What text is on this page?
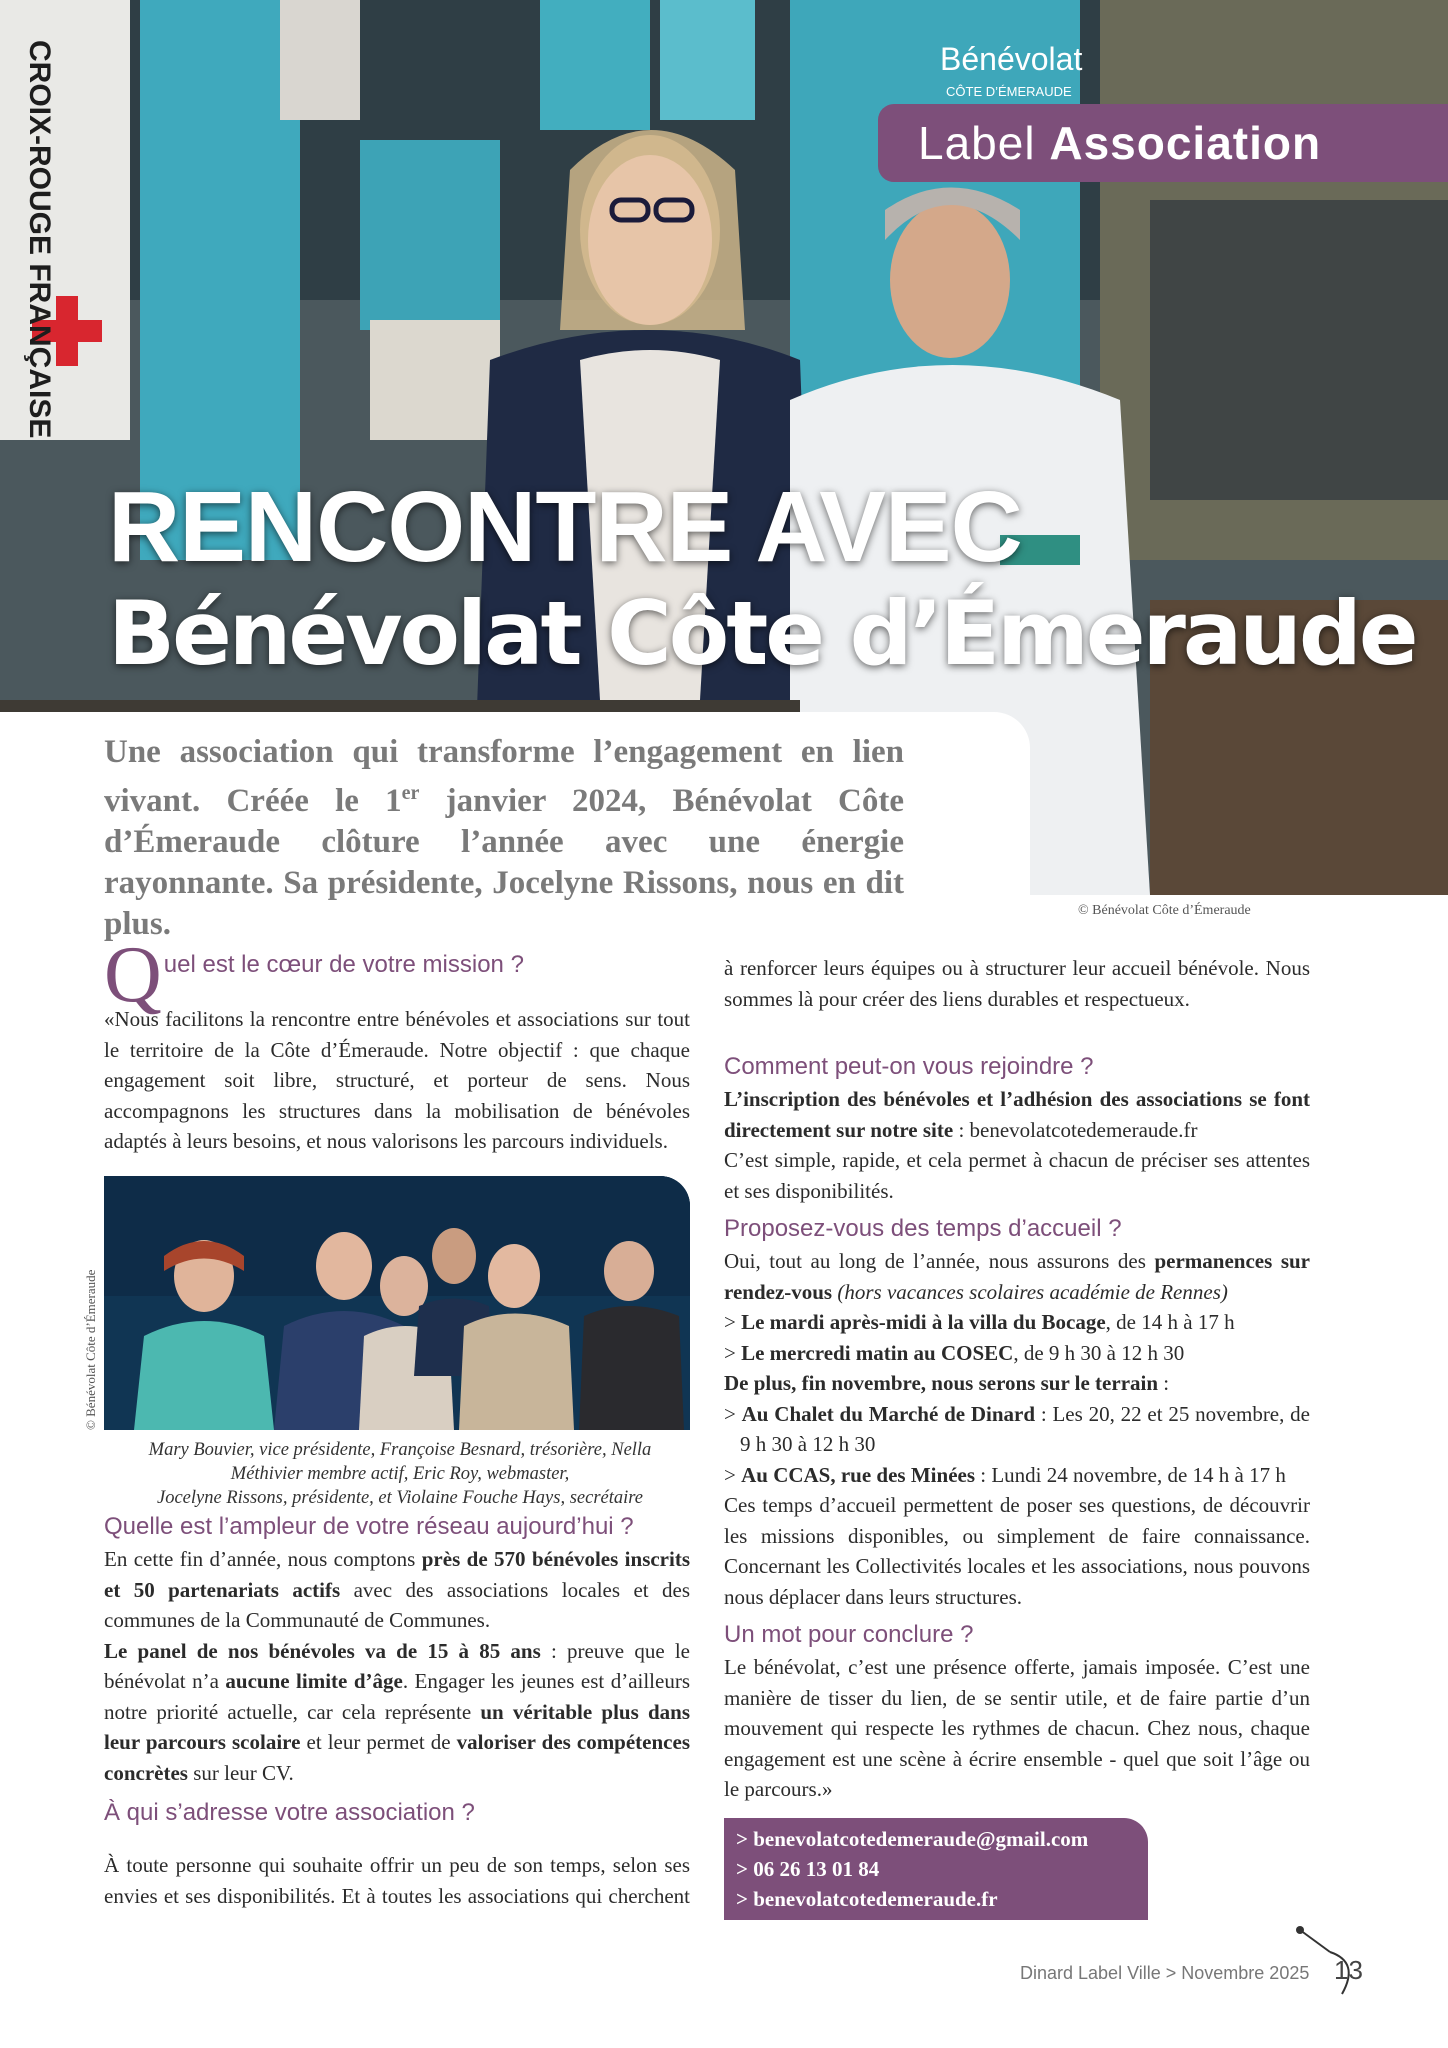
CROIX-ROUGE FRANÇAISE	Bénévolat
CÔTE D’ÉMERAUDE
Label Association
RENCONTRE AVEC
Bénévolat Côte d’Émeraude
Une association qui transforme l’engagement en lien vivant. Créée le 1er janvier 2024, Bénévolat Côte d’Émeraude clôture l’année avec une énergie rayonnante. Sa présidente, Jocelyne Rissons, nous en dit plus.	© Bénévolat Côte d’Émeraude
Quel est le cœur de votre mission ?

«Nous facilitons la rencontre entre bénévoles et associations sur tout le territoire de la Côte d’Émeraude. Notre objectif : que chaque engagement soit libre, structuré, et porteur de sens. Nous accompagnons les structures dans la mobilisation de bénévoles adaptés à leurs besoins, et nous valorisons les parcours individuels.

© Bénévolat Côte d’Émeraude
Mary Bouvier, vice présidente, Françoise Besnard, trésorière, Nella
Méthivier membre actif, Eric Roy, webmaster,
Jocelyne Rissons, présidente, et Violaine Fouche Hays, secrétaire
Quelle est l’ampleur de votre réseau aujourd’hui ?

En cette fin d’année, nous comptons près de 570 bénévoles inscrits et 50 partenariats actifs avec des associations locales et des communes de la Communauté de Communes.

Le panel de nos bénévoles va de 15 à 85 ans : preuve que le bénévolat n’a aucune limite d’âge. Engager les jeunes est d’ailleurs notre priorité actuelle, car cela représente un véritable plus dans leur parcours scolaire et leur permet de valoriser des compétences concrètes sur leur CV.

À qui s’adresse votre association ?

À toute personne qui souhaite offrir un peu de son temps, selon ses envies et ses disponibilités. Et à toutes les associations qui cherchent

à renforcer leurs équipes ou à structurer leur accueil bénévole. Nous sommes là pour créer des liens durables et respectueux.

Comment peut-on vous rejoindre ?

L’inscription des bénévoles et l’adhésion des associations se font directement sur notre site : benevolatcotedemeraude.fr

C’est simple, rapide, et cela permet à chacun de préciser ses attentes et ses disponibilités.

Proposez-vous des temps d’accueil ?

Oui, tout au long de l’année, nous assurons des permanences sur rendez-vous (hors vacances scolaires académie de Rennes)

> Le mardi après-midi à la villa du Bocage, de 14 h à 17 h

> Le mercredi matin au COSEC, de 9 h 30 à 12 h 30

De plus, fin novembre, nous serons sur le terrain :

> Au Chalet du Marché de Dinard : Les 20, 22 et 25 novembre, de 9 h 30 à 12 h 30

> Au CCAS, rue des Minées : Lundi 24 novembre, de 14 h à 17 h

Ces temps d’accueil permettent de poser ses questions, de découvrir les missions disponibles, ou simplement de faire connaissance. Concernant les Collectivités locales et les associations, nous pouvons nous déplacer dans leurs structures.

Un mot pour conclure ?

Le bénévolat, c’est une présence offerte, jamais imposée. C’est une manière de tisser du lien, de se sentir utile, et de faire partie d’un mouvement qui respecte les rythmes de chacun. Chez nous, chaque engagement est une scène à écrire ensemble - quel que soit l’âge ou le parcours.»

> benevolatcotedemeraude@gmail.com
> 06 26 13 01 84
> benevolatcotedemeraude.fr
Dinard Label Ville > Novembre 2025 13
